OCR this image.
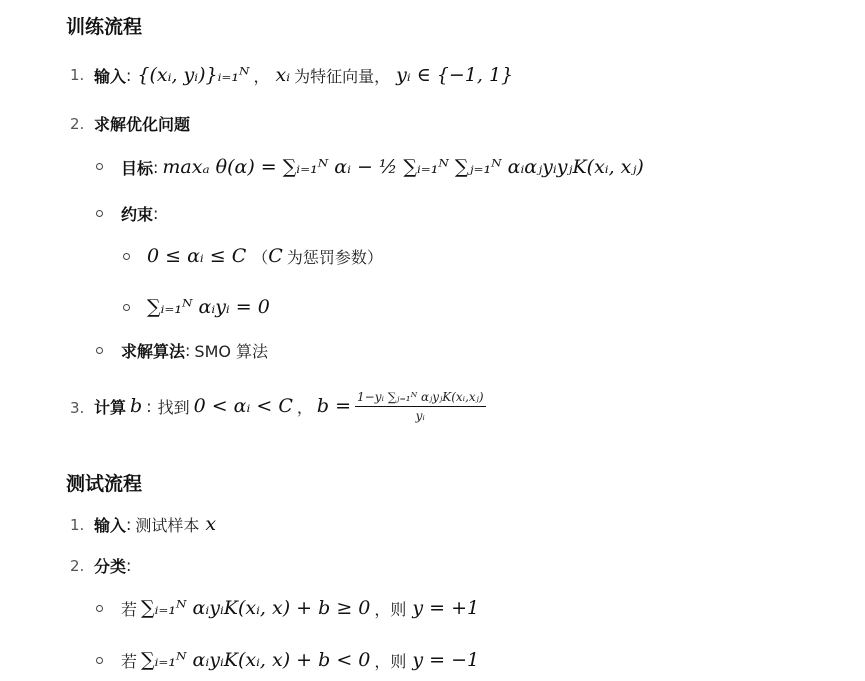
训练流程
1. 输入 : {(xᵢ, yᵢ)}ᵢ₌₁ᴺ ， xᵢ 为特征向量， yᵢ ∈ {−1, 1}
2. 求解优化问题
目标 : maxₐ θ(α) = ∑ᵢ₌₁ᴺ αᵢ − ½ ∑ᵢ₌₁ᴺ ∑ⱼ₌₁ᴺ αᵢαⱼyᵢyⱼK(xᵢ, xⱼ)
约束 :
0 ≤ αᵢ ≤ C （ C 为惩罚参数）
∑ᵢ₌₁ᴺ αᵢyᵢ = 0
求解算法 : SMO 算法
3. 计算 b : 找到 0 < αᵢ < C ， $b = \frac{\text{1−yᵢ ∑ⱼ₌₁ᴺ αⱼyⱼK(xᵢ,xⱼ)}}{\text{yᵢ}}$
测试流程
1. 输入 : 测试样本 x
2. 分类 :
若 ∑ᵢ₌₁ᴺ αᵢyᵢK(xᵢ, x) + b ≥ 0 ，则 y = +1
若 ∑ᵢ₌₁ᴺ αᵢyᵢK(xᵢ, x) + b < 0 ，则 y = −1
